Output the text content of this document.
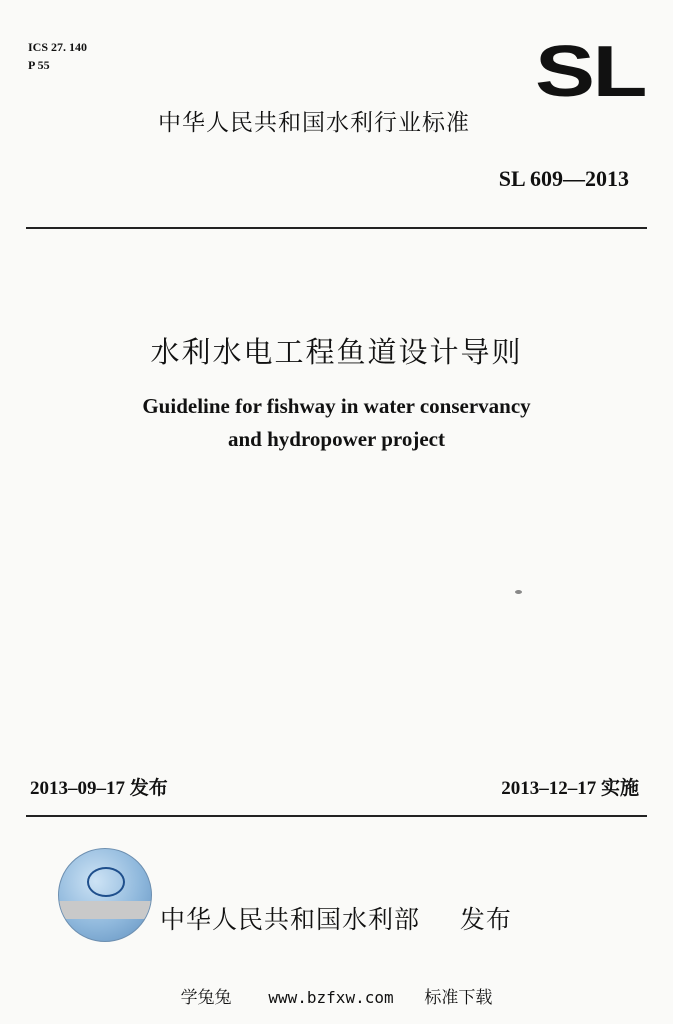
ICS 27. 140
P 55	SL
中华人民共和国水利行业标准
SL 609—2013
水利水电工程鱼道设计导则
Guideline for fishway in water conservancy
and hydropower project
2013–09–17 发布	2013–12–17 实施
中华人民共和国水利部 发布
学兔兔 www.bzfxw.com 标准下载
